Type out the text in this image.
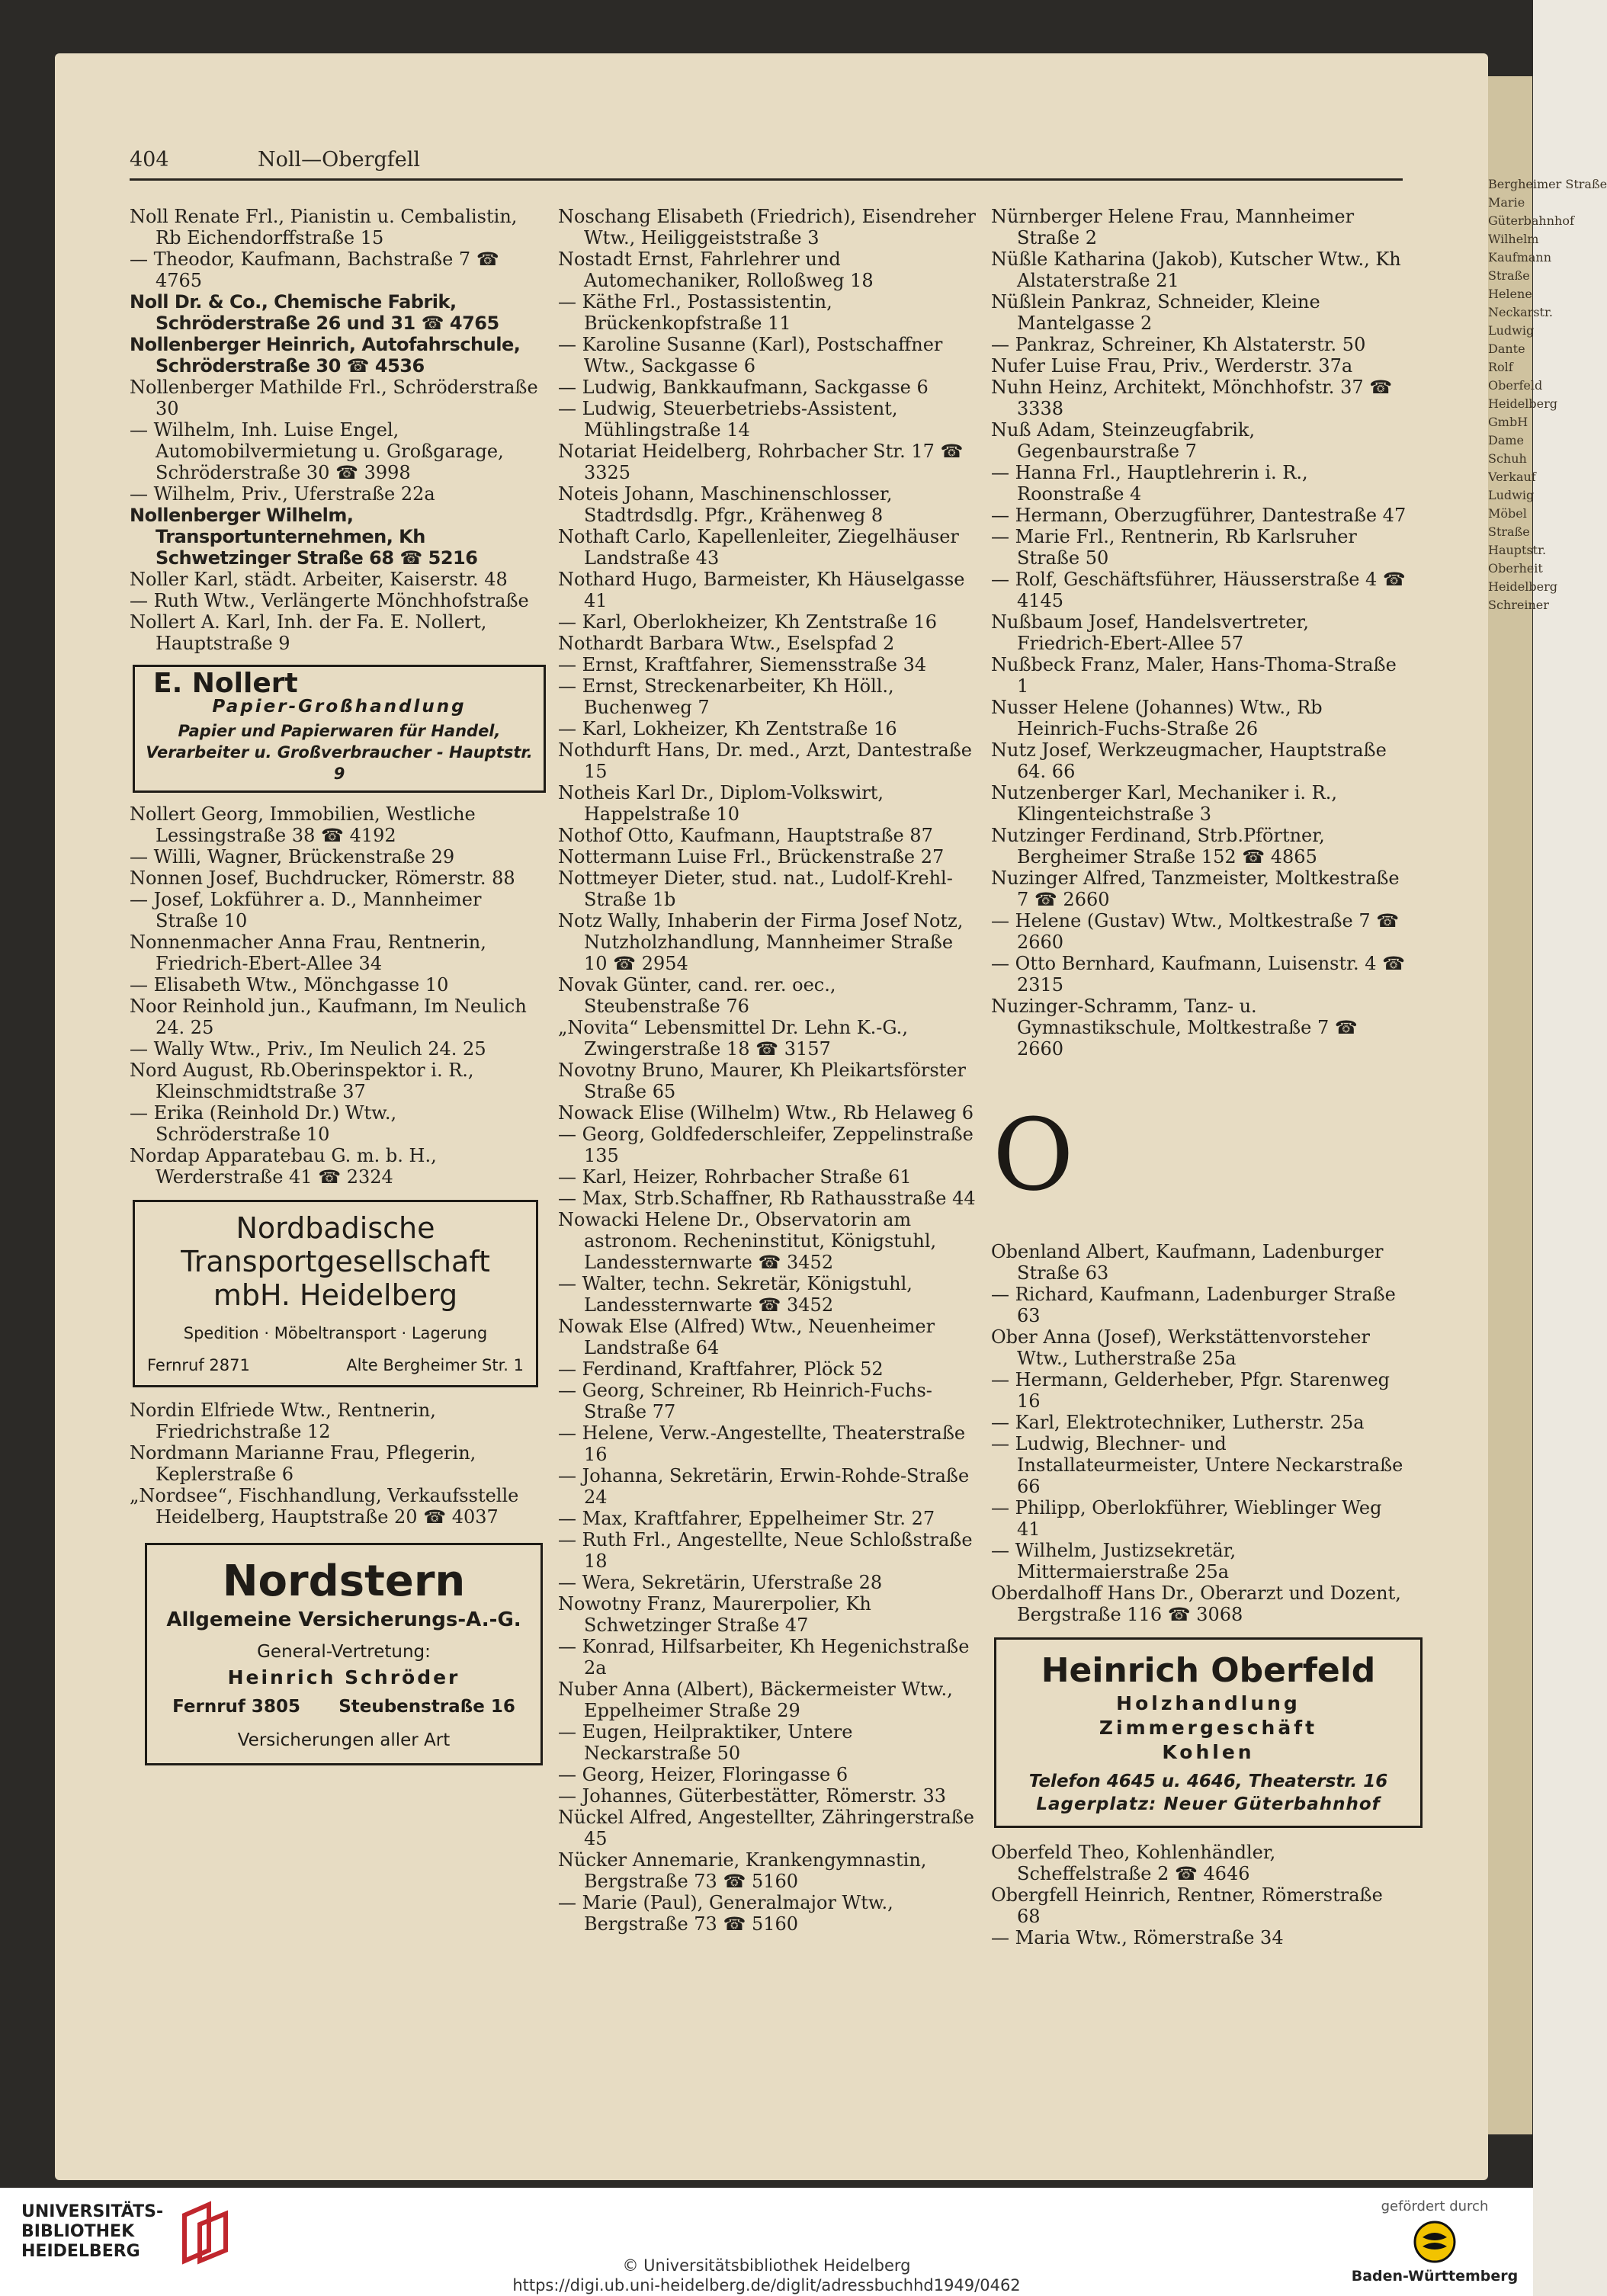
Bergheimer Straße
Marie
Güterbahnhof
Wilhelm
Kaufmann
Straße
Helene
Neckarstr.
Ludwig
Dante
Rolf
Oberfeld
Heidelberg
GmbH
Dame
Schuh
Verkauf
Ludwig
Möbel
Straße
Hauptstr.
Oberheit
Heidelberg
Schreiner
404	Noll—Obergfell

Noll Renate Frl., Pianistin u. Cembalistin, Rb Eichendorffstraße 15

— Theodor, Kaufmann, Bachstraße 7 ☎ 4765

Noll Dr. & Co., Chemische Fabrik, Schröderstraße 26 und 31 ☎ 4765

Nollenberger Heinrich, Autofahrschule, Schröderstraße 30 ☎ 4536

Nollenberger Mathilde Frl., Schröderstraße 30

— Wilhelm, Inh. Luise Engel, Automobilvermietung u. Großgarage, Schröderstraße 30 ☎ 3998

— Wilhelm, Priv., Uferstraße 22a

Nollenberger Wilhelm, Transportunternehmen, Kh Schwetzinger Straße 68 ☎ 5216

Noller Karl, städt. Arbeiter, Kaiserstr. 48

— Ruth Wtw., Verlängerte Mönchhofstraße

Nollert A. Karl, Inh. der Fa. E. Nollert, Hauptstraße 9

E. Nollert
Papier-Großhandlung
Papier und Papierwaren für Handel, Verarbeiter u. Großverbraucher - Hauptstr. 9

Nollert Georg, Immobilien, Westliche Lessingstraße 38 ☎ 4192

— Willi, Wagner, Brückenstraße 29

Nonnen Josef, Buchdrucker, Römerstr. 88

— Josef, Lokführer a. D., Mannheimer Straße 10

Nonnenmacher Anna Frau, Rentnerin, Friedrich-Ebert-Allee 34

— Elisabeth Wtw., Mönchgasse 10

Noor Reinhold jun., Kaufmann, Im Neulich 24. 25

— Wally Wtw., Priv., Im Neulich 24. 25

Nord August, Rb.Oberinspektor i. R., Kleinschmidtstraße 37

— Erika (Reinhold Dr.) Wtw., Schröderstraße 10

Nordap Apparatebau G. m. b. H., Werderstraße 41 ☎ 2324

Nordbadische Transportgesellschaft mbH. Heidelberg
Spedition · Möbeltransport · Lagerung
Fernruf 2871	Alte Bergheimer Str. 1

Nordin Elfriede Wtw., Rentnerin, Friedrichstraße 12

Nordmann Marianne Frau, Pflegerin, Keplerstraße 6

„Nordsee“, Fischhandlung, Verkaufsstelle Heidelberg, Hauptstraße 20 ☎ 4037

Nordstern
Allgemeine Versicherungs-A.-G.
General-Vertretung:
Heinrich Schröder
Fernruf 3805 Steubenstraße 16
Versicherungen aller Art

Noschang Elisabeth (Friedrich), Eisendreher Wtw., Heiliggeiststraße 3

Nostadt Ernst, Fahrlehrer und Automechaniker, Rolloßweg 18

— Käthe Frl., Postassistentin, Brückenkopfstraße 11

— Karoline Susanne (Karl), Postschaffner Wtw., Sackgasse 6

— Ludwig, Bankkaufmann, Sackgasse 6

— Ludwig, Steuerbetriebs-Assistent, Mühlingstraße 14

Notariat Heidelberg, Rohrbacher Str. 17 ☎ 3325

Noteis Johann, Maschinenschlosser, Stadtrdsdlg. Pfgr., Krähenweg 8

Nothaft Carlo, Kapellenleiter, Ziegelhäuser Landstraße 43

Nothard Hugo, Barmeister, Kh Häuselgasse 41

— Karl, Oberlokheizer, Kh Zentstraße 16

Nothardt Barbara Wtw., Eselspfad 2

— Ernst, Kraftfahrer, Siemensstraße 34

— Ernst, Streckenarbeiter, Kh Höll., Buchenweg 7

— Karl, Lokheizer, Kh Zentstraße 16

Nothdurft Hans, Dr. med., Arzt, Dantestraße 15

Notheis Karl Dr., Diplom-Volkswirt, Happelstraße 10

Nothof Otto, Kaufmann, Hauptstraße 87

Nottermann Luise Frl., Brückenstraße 27

Nottmeyer Dieter, stud. nat., Ludolf-Krehl-Straße 1b

Notz Wally, Inhaberin der Firma Josef Notz, Nutzholzhandlung, Mannheimer Straße 10 ☎ 2954

Novak Günter, cand. rer. oec., Steubenstraße 76

„Novita“ Lebensmittel Dr. Lehn K.-G., Zwingerstraße 18 ☎ 3157

Novotny Bruno, Maurer, Kh Pleikartsförster Straße 65

Nowack Elise (Wilhelm) Wtw., Rb Helaweg 6

— Georg, Goldfederschleifer, Zeppelinstraße 135

— Karl, Heizer, Rohrbacher Straße 61

— Max, Strb.Schaffner, Rb Rathausstraße 44

Nowacki Helene Dr., Observatorin am astronom. Recheninstitut, Königstuhl, Landessternwarte ☎ 3452

— Walter, techn. Sekretär, Königstuhl, Landessternwarte ☎ 3452

Nowak Else (Alfred) Wtw., Neuenheimer Landstraße 64

— Ferdinand, Kraftfahrer, Plöck 52

— Georg, Schreiner, Rb Heinrich-Fuchs-Straße 77

— Helene, Verw.-Angestellte, Theaterstraße 16

— Johanna, Sekretärin, Erwin-Rohde-Straße 24

— Max, Kraftfahrer, Eppelheimer Str. 27

— Ruth Frl., Angestellte, Neue Schloßstraße 18

— Wera, Sekretärin, Uferstraße 28

Nowotny Franz, Maurerpolier, Kh Schwetzinger Straße 47

— Konrad, Hilfsarbeiter, Kh Hegenichstraße 2a

Nuber Anna (Albert), Bäckermeister Wtw., Eppelheimer Straße 29

— Eugen, Heilpraktiker, Untere Neckarstraße 50

— Georg, Heizer, Floringasse 6

— Johannes, Güterbestätter, Römerstr. 33

Nückel Alfred, Angestellter, Zähringerstraße 45

Nücker Annemarie, Krankengymnastin, Bergstraße 73 ☎ 5160

— Marie (Paul), Generalmajor Wtw., Bergstraße 73 ☎ 5160

Nürnberger Helene Frau, Mannheimer Straße 2

Nüßle Katharina (Jakob), Kutscher Wtw., Kh Alstaterstraße 21

Nüßlein Pankraz, Schneider, Kleine Mantelgasse 2

— Pankraz, Schreiner, Kh Alstaterstr. 50

Nufer Luise Frau, Priv., Werderstr. 37a

Nuhn Heinz, Architekt, Mönchhofstr. 37 ☎ 3338

Nuß Adam, Steinzeugfabrik, Gegenbaurstraße 7

— Hanna Frl., Hauptlehrerin i. R., Roonstraße 4

— Hermann, Oberzugführer, Dantestraße 47

— Marie Frl., Rentnerin, Rb Karlsruher Straße 50

— Rolf, Geschäftsführer, Häusserstraße 4 ☎ 4145

Nußbaum Josef, Handelsvertreter, Friedrich-Ebert-Allee 57

Nußbeck Franz, Maler, Hans-Thoma-Straße 1

Nusser Helene (Johannes) Wtw., Rb Heinrich-Fuchs-Straße 26

Nutz Josef, Werkzeugmacher, Hauptstraße 64. 66

Nutzenberger Karl, Mechaniker i. R., Klingenteichstraße 3

Nutzinger Ferdinand, Strb.Pförtner, Bergheimer Straße 152 ☎ 4865

Nuzinger Alfred, Tanzmeister, Moltkestraße 7 ☎ 2660

— Helene (Gustav) Wtw., Moltkestraße 7 ☎ 2660

— Otto Bernhard, Kaufmann, Luisenstr. 4 ☎ 2315

Nuzinger-Schramm, Tanz- u. Gymnastikschule, Moltkestraße 7 ☎ 2660

O

Obenland Albert, Kaufmann, Ladenburger Straße 63

— Richard, Kaufmann, Ladenburger Straße 63

Ober Anna (Josef), Werkstättenvorsteher Wtw., Lutherstraße 25a

— Hermann, Gelderheber, Pfgr. Starenweg 16

— Karl, Elektrotechniker, Lutherstr. 25a

— Ludwig, Blechner- und Installateurmeister, Untere Neckarstraße 66

— Philipp, Oberlokführer, Wieblinger Weg 41

— Wilhelm, Justizsekretär, Mittermaierstraße 25a

Oberdalhoff Hans Dr., Oberarzt und Dozent, Bergstraße 116 ☎ 3068

Heinrich Oberfeld
Holzhandlung
Zimmergeschäft
Kohlen
Telefon 4645 u. 4646, Theaterstr. 16
Lagerplatz: Neuer Güterbahnhof

Oberfeld Theo, Kohlenhändler, Scheffelstraße 2 ☎ 4646

Obergfell Heinrich, Rentner, Römerstraße 68

— Maria Wtw., Römerstraße 34

UNIVERSITÄTS-
BIBLIOTHEK
HEIDELBERG
© Universitätsbibliothek Heidelberg
https://digi.ub.uni-heidelberg.de/diglit/adressbuchhd1949/0462
gefördert durch
Baden-Württemberg
